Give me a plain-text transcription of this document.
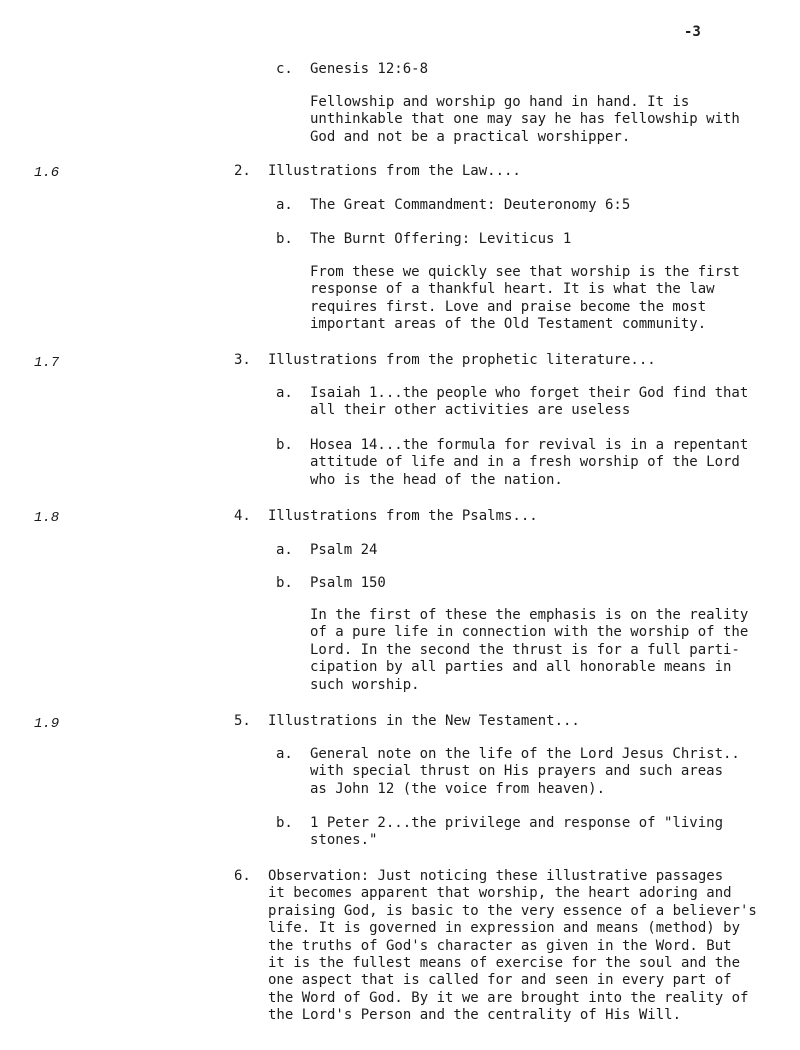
-3
c. Genesis 12:6-8
Fellowship and worship go hand in hand. It is
unthinkable that one may say he has fellowship with
God and not be a practical worshipper.
1.6	2. Illustrations from the Law....
a. The Great Commandment: Deuteronomy 6:5
b. The Burnt Offering: Leviticus 1
From these we quickly see that worship is the first
response of a thankful heart. It is what the law
requires first. Love and praise become the most
important areas of the Old Testament community.
1.7	3. Illustrations from the prophetic literature...
a. Isaiah 1...the people who forget their God find that
all their other activities are useless
b. Hosea 14...the formula for revival is in a repentant
attitude of life and in a fresh worship of the Lord
who is the head of the nation.
1.8	4. Illustrations from the Psalms...
a. Psalm 24
b. Psalm 150
In the first of these the emphasis is on the reality
of a pure life in connection with the worship of the
Lord. In the second the thrust is for a full parti-
cipation by all parties and all honorable means in
such worship.
1.9	5. Illustrations in the New Testament...
a. General note on the life of the Lord Jesus Christ..
with special thrust on His prayers and such areas
as John 12 (the voice from heaven).
b. 1 Peter 2...the privilege and response of "living
stones."
6. Observation: Just noticing these illustrative passages
it becomes apparent that worship, the heart adoring and
praising God, is basic to the very essence of a believer's
life. It is governed in expression and means (method) by
the truths of God's character as given in the Word. But
it is the fullest means of exercise for the soul and the
one aspect that is called for and seen in every part of
the Word of God. By it we are brought into the reality of
the Lord's Person and the centrality of His Will.
